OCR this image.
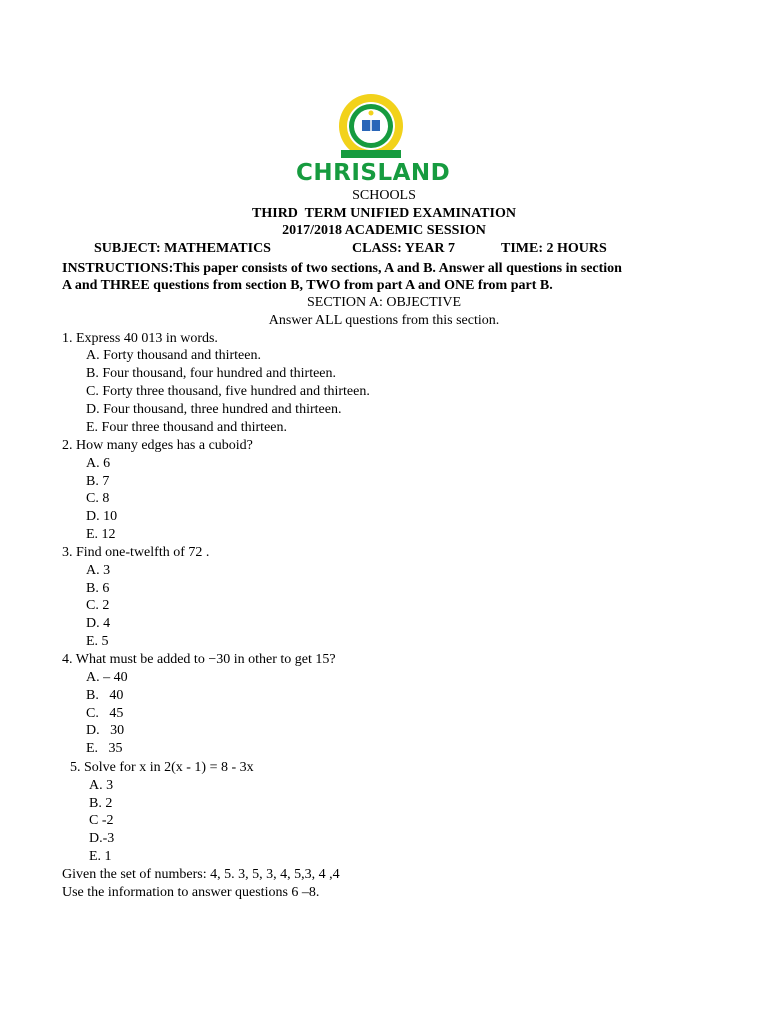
CHRISLAND
SCHOOLS
THIRD  TERM UNIFIED EXAMINATION
2017/2018 ACADEMIC SESSION
SUBJECT: MATHEMATICS	CLASS: YEAR 7	TIME: 2 HOURS
INSTRUCTIONS:This paper consists of two sections, A and B. Answer all questions in section
A and THREE questions from section B, TWO from part A and ONE from part B.
SECTION A: OBJECTIVE
Answer ALL questions from this section.
1. Express 40 013 in words.
A. Forty thousand and thirteen.
B. Four thousand, four hundred and thirteen.
C. Forty three thousand, five hundred and thirteen.
D. Four thousand, three hundred and thirteen.
E. Four three thousand and thirteen.
2. How many edges has a cuboid?
A. 6
B. 7
C. 8
D. 10
E. 12
3. Find one-twelfth of 72 .
A. 3
B. 6
C. 2
D. 4
E. 5
4. What must be added to −30 in other to get 15?
A. – 40
B.   40
C.   45
D.   30
E.   35
5. Solve for x in 2(x - 1) = 8 - 3x
A. 3
B. 2
C -2
D.-3
E. 1
Given the set of numbers: 4, 5. 3, 5, 3, 4, 5,3, 4 ,4
Use the information to answer questions 6 –8.
